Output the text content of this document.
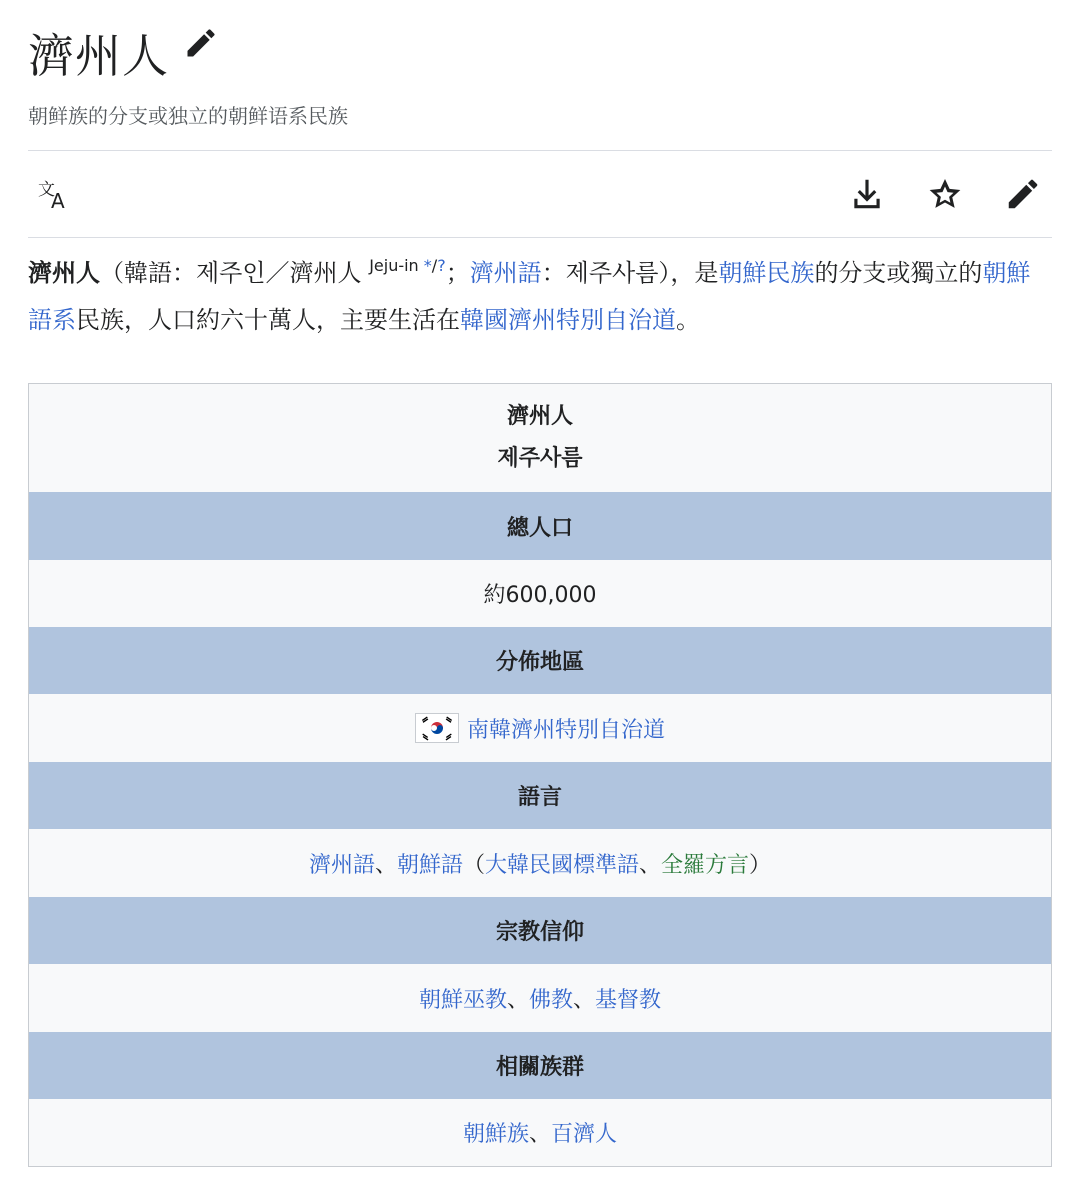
濟州人
朝鲜族的分支或独立的朝鲜语系民族
文
A
濟州人（韓語：제주인／濟州人 $^{Jeju-in */?}$；濟州語：제주사름），是朝鮮民族的分支或獨立的朝鮮語系民族，人口約六十萬人，主要生活在韓國濟州特別自治道。
濟州人
제주사름
總人口
約600,000
分佈地區
南韓濟州特別自治道
語言
濟州語 、 朝鮮語 （ 大韓民國標準語 、 全羅方言 ）
宗教信仰
朝鮮巫教 、 佛教 、 基督教
相關族群
朝鮮族 、 百濟人
